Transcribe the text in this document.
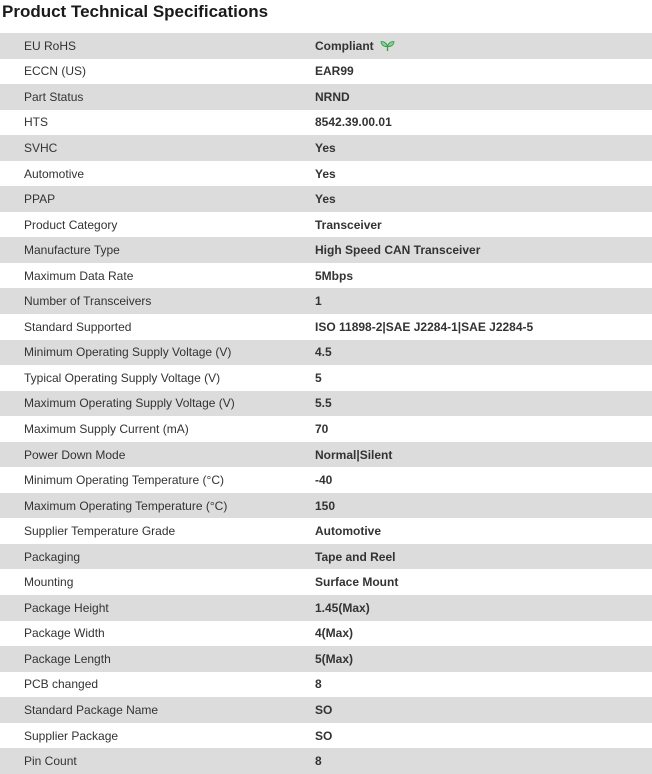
Product Technical Specifications
EU RoHS	Compliant
ECCN (US)	EAR99
Part Status	NRND
HTS	8542.39.00.01
SVHC	Yes
Automotive	Yes
PPAP	Yes
Product Category	Transceiver
Manufacture Type	High Speed CAN Transceiver
Maximum Data Rate	5Mbps
Number of Transceivers	1
Standard Supported	ISO 11898-2|SAE J2284-1|SAE J2284-5
Minimum Operating Supply Voltage (V)	4.5
Typical Operating Supply Voltage (V)	5
Maximum Operating Supply Voltage (V)	5.5
Maximum Supply Current (mA)	70
Power Down Mode	Normal|Silent
Minimum Operating Temperature (°C)	-40
Maximum Operating Temperature (°C)	150
Supplier Temperature Grade	Automotive
Packaging	Tape and Reel
Mounting	Surface Mount
Package Height	1.45(Max)
Package Width	4(Max)
Package Length	5(Max)
PCB changed	8
Standard Package Name	SO
Supplier Package	SO
Pin Count	8
